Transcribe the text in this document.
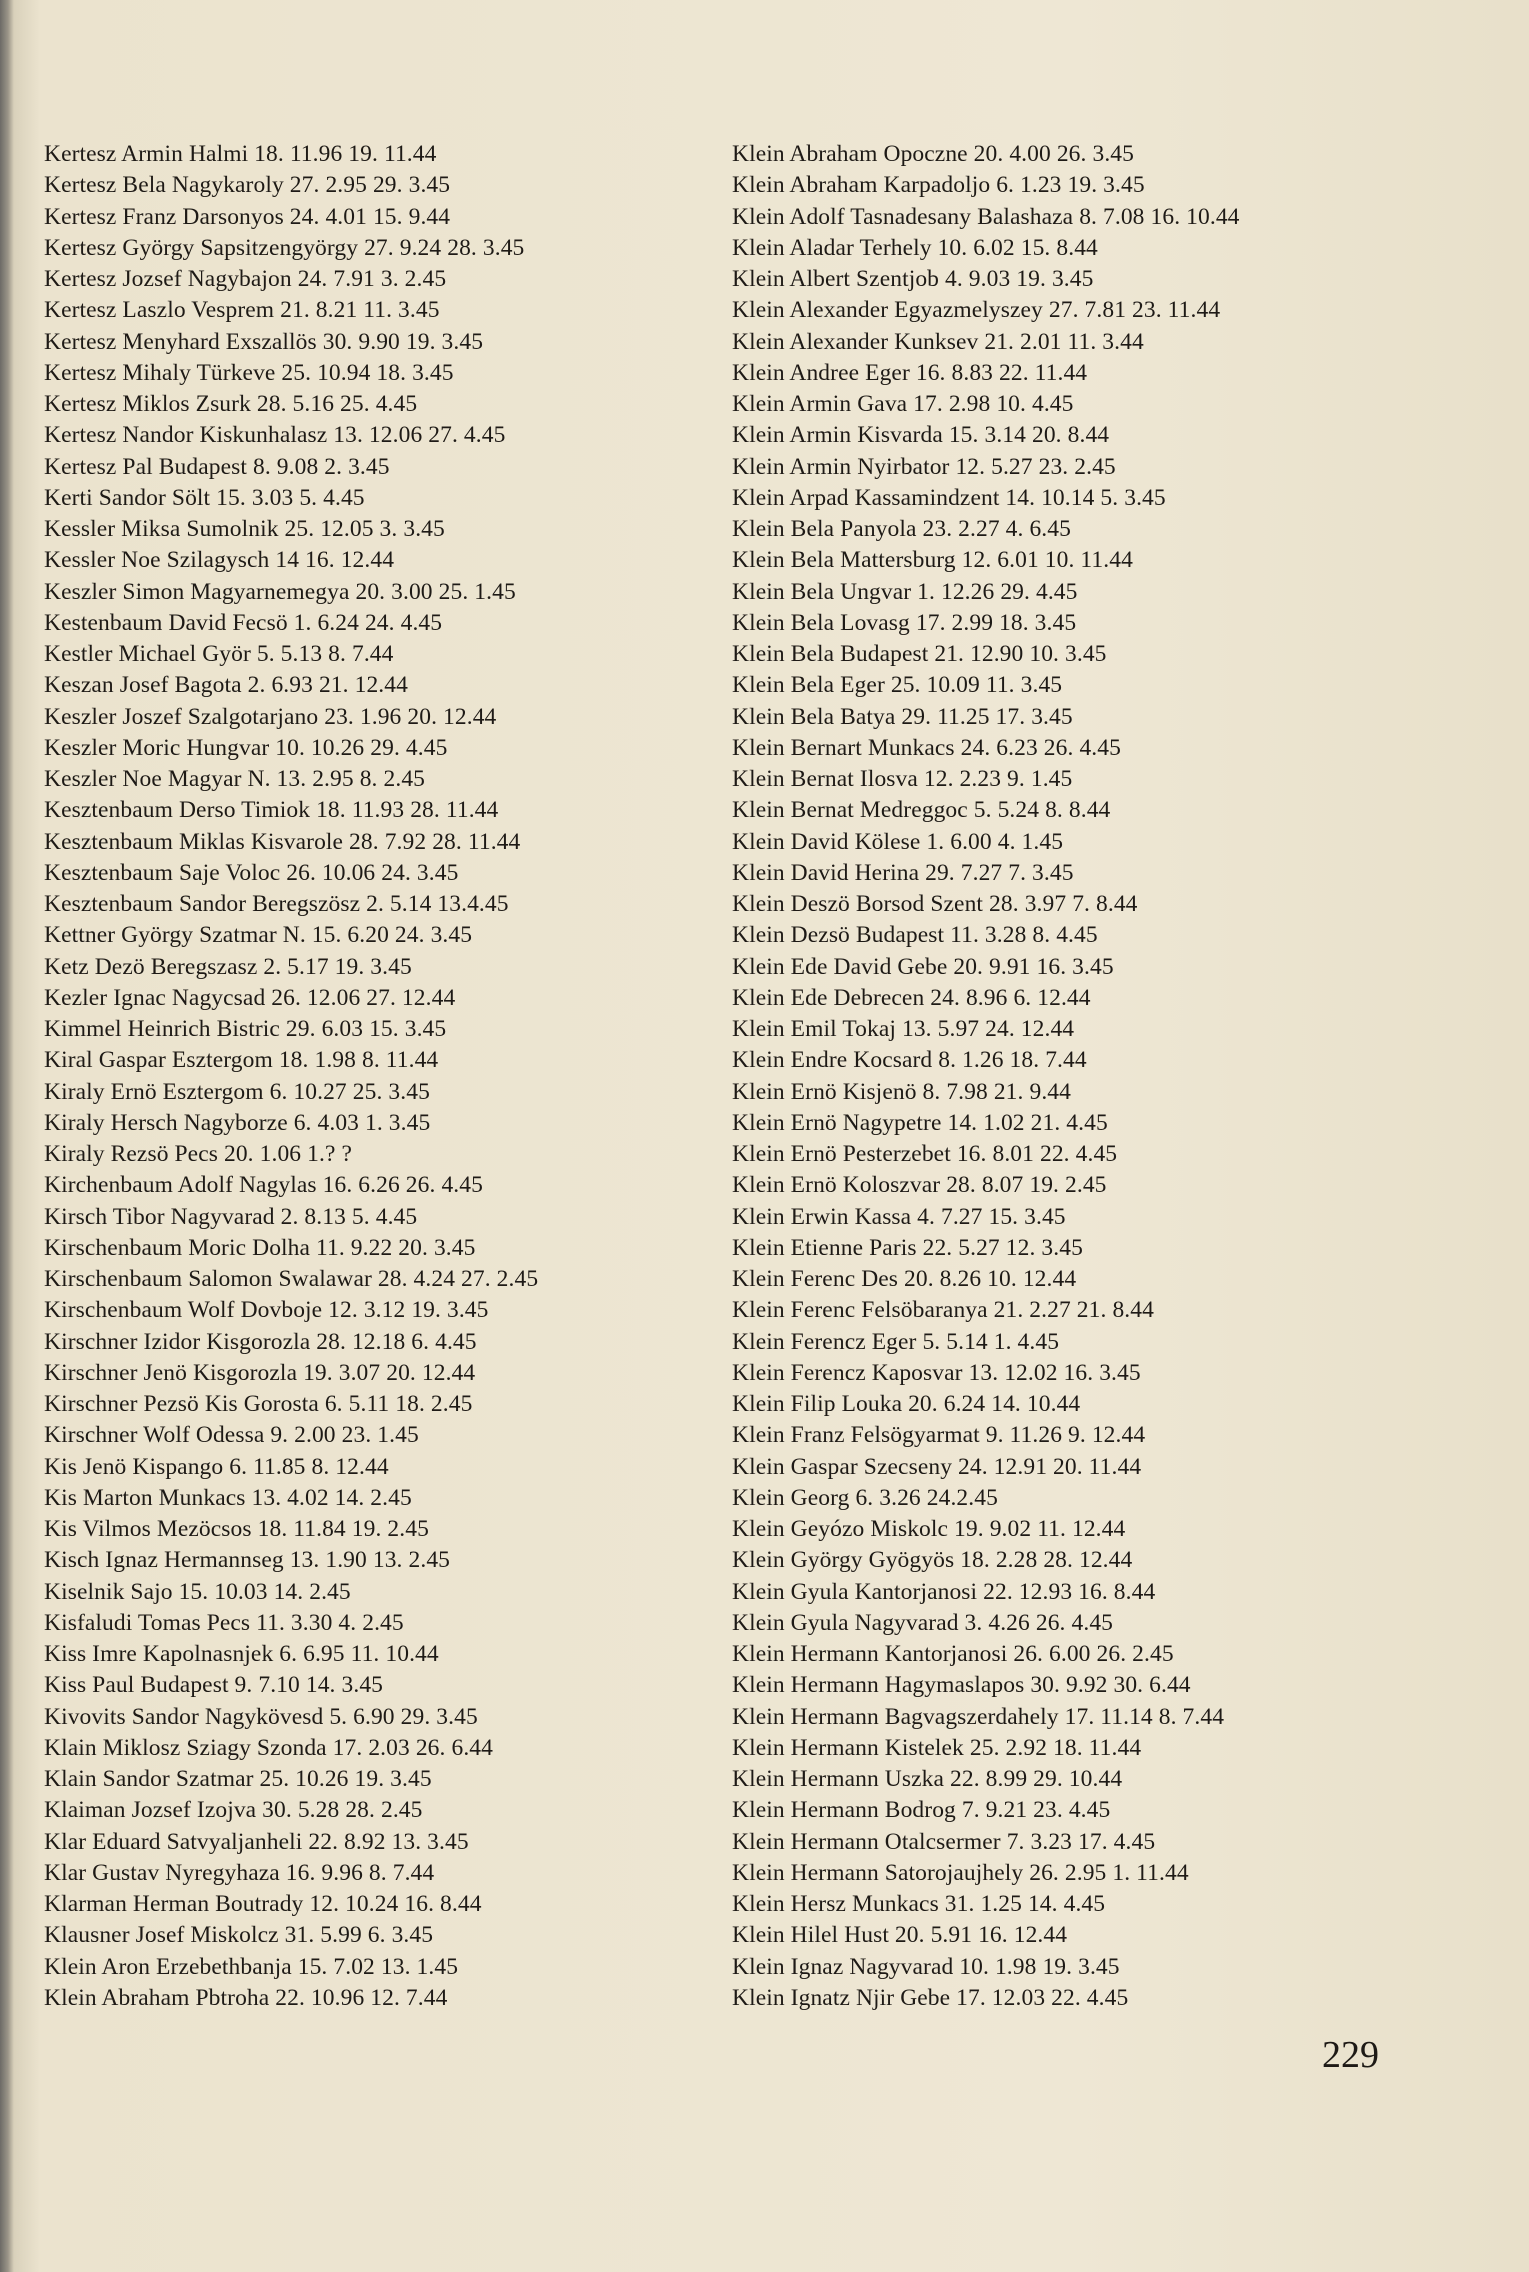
Kertesz Armin Halmi 18. 11.96 19. 11.44
Kertesz Bela Nagykaroly 27. 2.95 29. 3.45
Kertesz Franz Darsonyos 24. 4.01 15. 9.44
Kertesz György Sapsitzengyörgy 27. 9.24 28. 3.45
Kertesz Jozsef Nagybajon 24. 7.91 3. 2.45
Kertesz Laszlo Vesprem 21. 8.21 11. 3.45
Kertesz Menyhard Exszallös 30. 9.90 19. 3.45
Kertesz Mihaly Türkeve 25. 10.94 18. 3.45
Kertesz Miklos Zsurk 28. 5.16 25. 4.45
Kertesz Nandor Kiskunhalasz 13. 12.06 27. 4.45
Kertesz Pal Budapest 8. 9.08 2. 3.45
Kerti Sandor Sölt 15. 3.03 5. 4.45
Kessler Miksa Sumolnik 25. 12.05 3. 3.45
Kessler Noe Szilagysch 14 16. 12.44
Keszler Simon Magyarnemegya 20. 3.00 25. 1.45
Kestenbaum David Fecsö 1. 6.24 24. 4.45
Kestler Michael Györ 5. 5.13 8. 7.44
Keszan Josef Bagota 2. 6.93 21. 12.44
Keszler Joszef Szalgotarjano 23. 1.96 20. 12.44
Keszler Moric Hungvar 10. 10.26 29. 4.45
Keszler Noe Magyar N. 13. 2.95 8. 2.45
Kesztenbaum Derso Timiok 18. 11.93 28. 11.44
Kesztenbaum Miklas Kisvarole 28. 7.92 28. 11.44
Kesztenbaum Saje Voloc 26. 10.06 24. 3.45
Kesztenbaum Sandor Beregszösz 2. 5.14 13.4.45
Kettner György Szatmar N. 15. 6.20 24. 3.45
Ketz Dezö Beregszasz 2. 5.17 19. 3.45
Kezler Ignac Nagycsad 26. 12.06 27. 12.44
Kimmel Heinrich Bistric 29. 6.03 15. 3.45
Kiral Gaspar Esztergom 18. 1.98 8. 11.44
Kiraly Ernö Esztergom 6. 10.27 25. 3.45
Kiraly Hersch Nagyborze 6. 4.03 1. 3.45
Kiraly Rezsö Pecs 20. 1.06 1.? ?
Kirchenbaum Adolf Nagylas 16. 6.26 26. 4.45
Kirsch Tibor Nagyvarad 2. 8.13 5. 4.45
Kirschenbaum Moric Dolha 11. 9.22 20. 3.45
Kirschenbaum Salomon Swalawar 28. 4.24 27. 2.45
Kirschenbaum Wolf Dovboje 12. 3.12 19. 3.45
Kirschner Izidor Kisgorozla 28. 12.18 6. 4.45
Kirschner Jenö Kisgorozla 19. 3.07 20. 12.44
Kirschner Pezsö Kis Gorosta 6. 5.11 18. 2.45
Kirschner Wolf Odessa 9. 2.00 23. 1.45
Kis Jenö Kispango 6. 11.85 8. 12.44
Kis Marton Munkacs 13. 4.02 14. 2.45
Kis Vilmos Mezöcsos 18. 11.84 19. 2.45
Kisch Ignaz Hermannseg 13. 1.90 13. 2.45
Kiselnik Sajo 15. 10.03 14. 2.45
Kisfaludi Tomas Pecs 11. 3.30 4. 2.45
Kiss Imre Kapolnasnjek 6. 6.95 11. 10.44
Kiss Paul Budapest 9. 7.10 14. 3.45
Kivovits Sandor Nagykövesd 5. 6.90 29. 3.45
Klain Miklosz Sziagy Szonda 17. 2.03 26. 6.44
Klain Sandor Szatmar 25. 10.26 19. 3.45
Klaiman Jozsef Izojva 30. 5.28 28. 2.45
Klar Eduard Satvyaljanheli 22. 8.92 13. 3.45
Klar Gustav Nyregyhaza 16. 9.96 8. 7.44
Klarman Herman Boutrady 12. 10.24 16. 8.44
Klausner Josef Miskolcz 31. 5.99 6. 3.45
Klein Aron Erzebethbanja 15. 7.02 13. 1.45
Klein Abraham Pbtroha 22. 10.96 12. 7.44
Klein Abraham Opoczne 20. 4.00 26. 3.45
Klein Abraham Karpadoljo 6. 1.23 19. 3.45
Klein Adolf Tasnadesany Balashaza 8. 7.08 16. 10.44
Klein Aladar Terhely 10. 6.02 15. 8.44
Klein Albert Szentjob 4. 9.03 19. 3.45
Klein Alexander Egyazmelyszey 27. 7.81 23. 11.44
Klein Alexander Kunksev 21. 2.01 11. 3.44
Klein Andree Eger 16. 8.83 22. 11.44
Klein Armin Gava 17. 2.98 10. 4.45
Klein Armin Kisvarda 15. 3.14 20. 8.44
Klein Armin Nyirbator 12. 5.27 23. 2.45
Klein Arpad Kassamindzent 14. 10.14 5. 3.45
Klein Bela Panyola 23. 2.27 4. 6.45
Klein Bela Mattersburg 12. 6.01 10. 11.44
Klein Bela Ungvar 1. 12.26 29. 4.45
Klein Bela Lovasg 17. 2.99 18. 3.45
Klein Bela Budapest 21. 12.90 10. 3.45
Klein Bela Eger 25. 10.09 11. 3.45
Klein Bela Batya 29. 11.25 17. 3.45
Klein Bernart Munkacs 24. 6.23 26. 4.45
Klein Bernat Ilosva 12. 2.23 9. 1.45
Klein Bernat Medreggoc 5. 5.24 8. 8.44
Klein David Kölese 1. 6.00 4. 1.45
Klein David Herina 29. 7.27 7. 3.45
Klein Deszö Borsod Szent 28. 3.97 7. 8.44
Klein Dezsö Budapest 11. 3.28 8. 4.45
Klein Ede David Gebe 20. 9.91 16. 3.45
Klein Ede Debrecen 24. 8.96 6. 12.44
Klein Emil Tokaj 13. 5.97 24. 12.44
Klein Endre Kocsard 8. 1.26 18. 7.44
Klein Ernö Kisjenö 8. 7.98 21. 9.44
Klein Ernö Nagypetre 14. 1.02 21. 4.45
Klein Ernö Pesterzebet 16. 8.01 22. 4.45
Klein Ernö Koloszvar 28. 8.07 19. 2.45
Klein Erwin Kassa 4. 7.27 15. 3.45
Klein Etienne Paris 22. 5.27 12. 3.45
Klein Ferenc Des 20. 8.26 10. 12.44
Klein Ferenc Felsöbaranya 21. 2.27 21. 8.44
Klein Ferencz Eger 5. 5.14 1. 4.45
Klein Ferencz Kaposvar 13. 12.02 16. 3.45
Klein Filip Louka 20. 6.24 14. 10.44
Klein Franz Felsögyarmat 9. 11.26 9. 12.44
Klein Gaspar Szecseny 24. 12.91 20. 11.44
Klein Georg 6. 3.26 24.2.45
Klein Geyózo Miskolc 19. 9.02 11. 12.44
Klein György Gyögyös 18. 2.28 28. 12.44
Klein Gyula Kantorjanosi 22. 12.93 16. 8.44
Klein Gyula Nagyvarad 3. 4.26 26. 4.45
Klein Hermann Kantorjanosi 26. 6.00 26. 2.45
Klein Hermann Hagymaslapos 30. 9.92 30. 6.44
Klein Hermann Bagvagszerdahely 17. 11.14 8. 7.44
Klein Hermann Kistelek 25. 2.92 18. 11.44
Klein Hermann Uszka 22. 8.99 29. 10.44
Klein Hermann Bodrog 7. 9.21 23. 4.45
Klein Hermann Otalcsermer 7. 3.23 17. 4.45
Klein Hermann Satorojaujhely 26. 2.95 1. 11.44
Klein Hersz Munkacs 31. 1.25 14. 4.45
Klein Hilel Hust 20. 5.91 16. 12.44
Klein Ignaz Nagyvarad 10. 1.98 19. 3.45
Klein Ignatz Njir Gebe 17. 12.03 22. 4.45
229
